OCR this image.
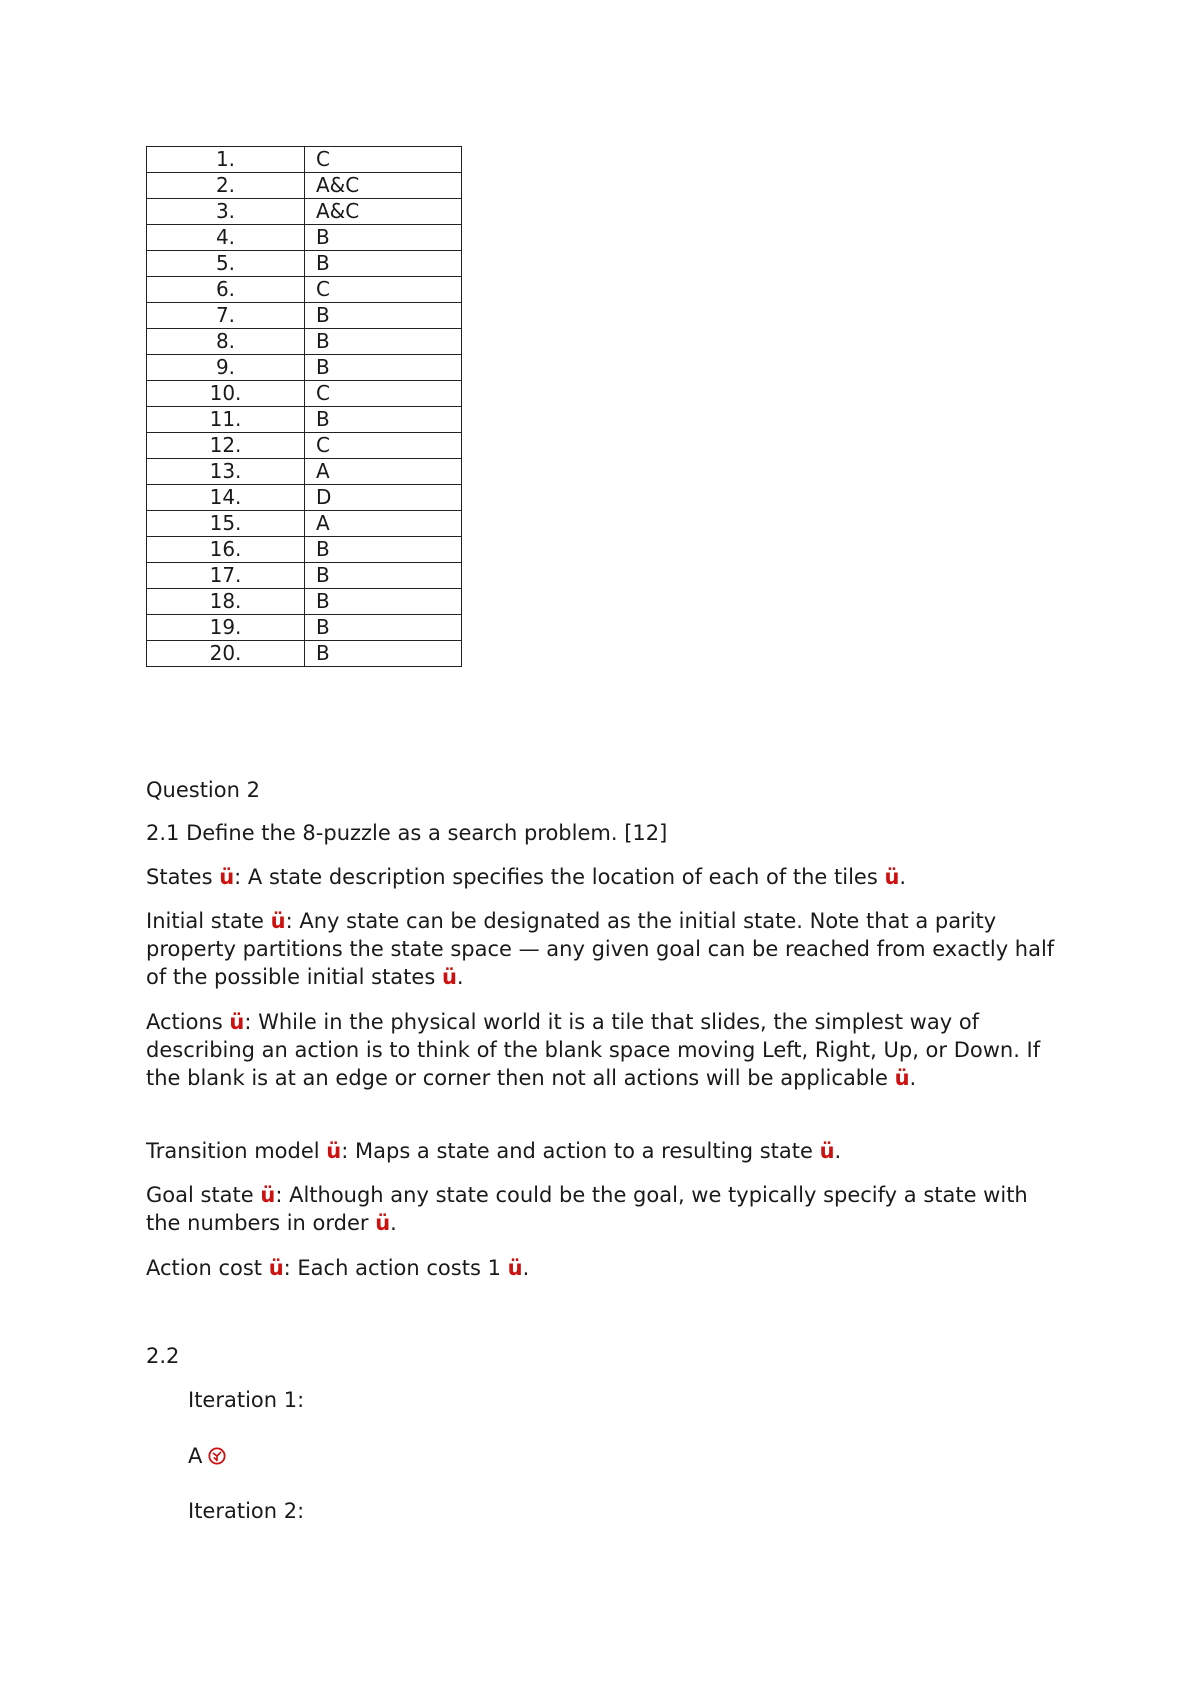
1.	C
2.	A&C
3.	A&C
4.	B
5.	B
6.	C
7.	B
8.	B
9.	B
10.	C
11.	B
12.	C
13.	A
14.	D
15.	A
16.	B
17.	B
18.	B
19.	B
20.	B

Question 2

2.1 Define the 8-puzzle as a search problem. [12]

States ü: A state description specifies the location of each of the tiles ü.

Initial state ü: Any state can be designated as the initial state. Note that a parity property partitions the state space — any given goal can be reached from exactly half of the possible initial states ü.

Actions ü: While in the physical world it is a tile that slides, the simplest way of describing an action is to think of the blank space moving Left, Right, Up, or Down. If the blank is at an edge or corner then not all actions will be applicable ü.

Transition model ü: Maps a state and action to a resulting state ü.

Goal state ü: Although any state could be the goal, we typically specify a state with the numbers in order ü.

Action cost ü: Each action costs 1 ü.

2.2

Iteration 1:

A

Iteration 2:
